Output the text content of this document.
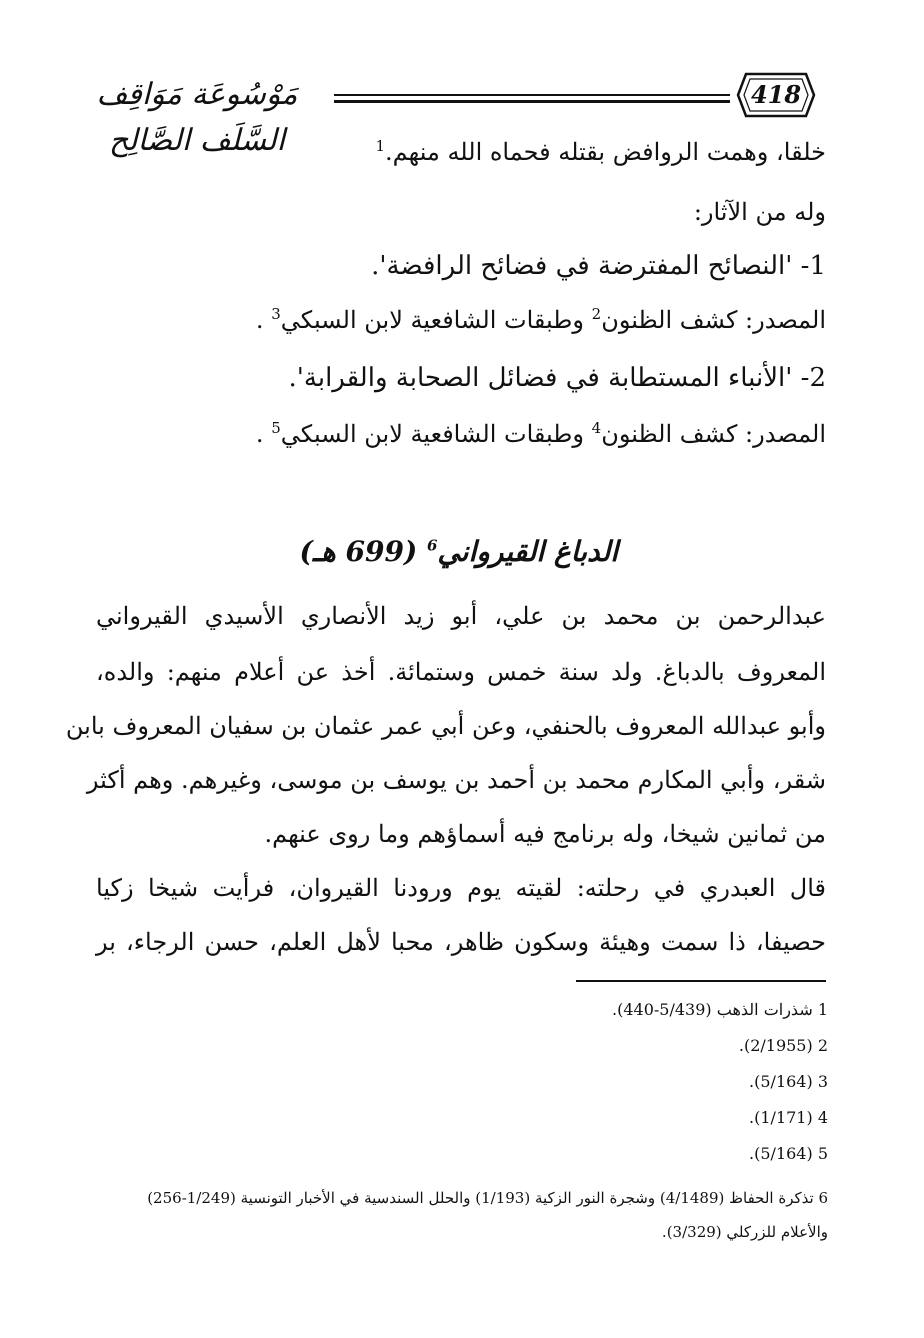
مَوْسُوعَة مَوَاقِف السَّلَف الصَّالِح
418
خلقا، وهمت الروافض بقتله فحماه الله منهم.$^1$
وله من الآثار:
1- 'النصائح المفترضة في فضائح الرافضة'.
المصدر: كشف الظنون$^2$ وطبقات الشافعية لابن السبكي$^3$ .
2- 'الأنباء المستطابة في فضائل الصحابة والقرابة'.
المصدر: كشف الظنون$^4$ وطبقات الشافعية لابن السبكي$^5$ .
الدباغ القيرواني$^6$ (699 هـ)
عبدالرحمن بن محمد بن علي، أبو زيد الأنصاري الأسيدي القيرواني
المعروف بالدباغ. ولد سنة خمس وستمائة. أخذ عن أعلام منهم: والده،
وأبو عبدالله المعروف بالحنفي، وعن أبي عمر عثمان بن سفيان المعروف بابن
شقر، وأبي المكارم محمد بن أحمد بن يوسف بن موسى، وغيرهم. وهم أكثر
من ثمانين شيخا، وله برنامج فيه أسماؤهم وما روى عنهم.
قال العبدري في رحلته: لقيته يوم ورودنا القيروان، فرأيت شيخا زكيا
حصيفا، ذا سمت وهيئة وسكون ظاهر، محبا لأهل العلم، حسن الرجاء، بر
1 شذرات الذهب (5/439-440).
2 (2/1955).
3 (5/164).
4 (1/171).
5 (5/164).
6 تذكرة الحفاظ (4/1489) وشجرة النور الزكية (1/193) والحلل السندسية في الأخبار التونسية (1/249-256)
والأعلام للزركلي (3/329).
